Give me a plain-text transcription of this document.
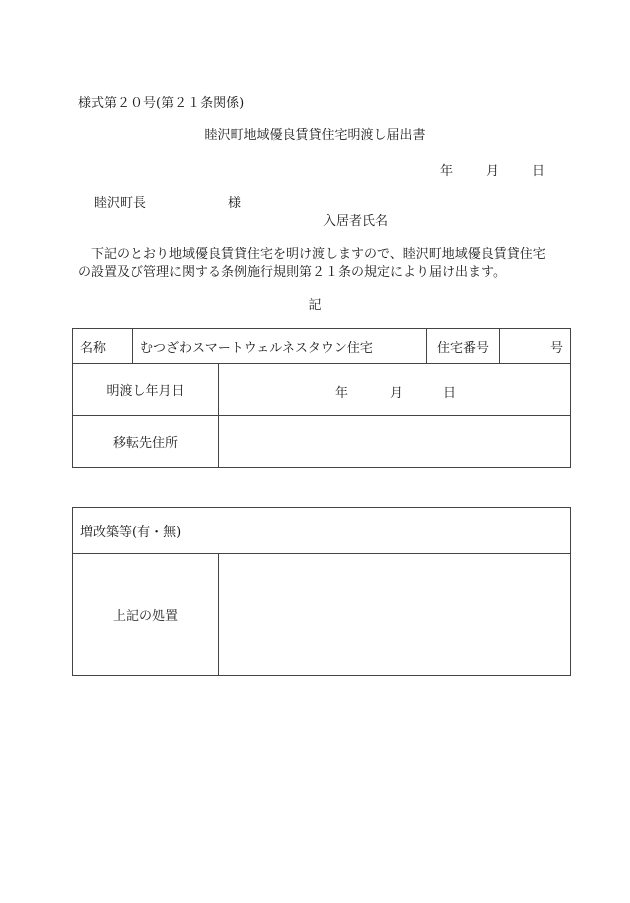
様式第２０号(第２１条関係)
睦沢町地域優良賃貸住宅明渡し届出書
年	月	日
睦沢町長	様
入居者氏名
下記のとおり地域優良賃貸住宅を明け渡しますので、睦沢町地域優良賃貸住宅の設置及び管理に関する条例施行規則第２１条の規定により届け出ます。
記
名称	むつざわスマートウェルネスタウン住宅		住宅番号	号
明渡し年月日		年 月 日		

移転先住所				
増改築等(有・無)
上記の処置	
